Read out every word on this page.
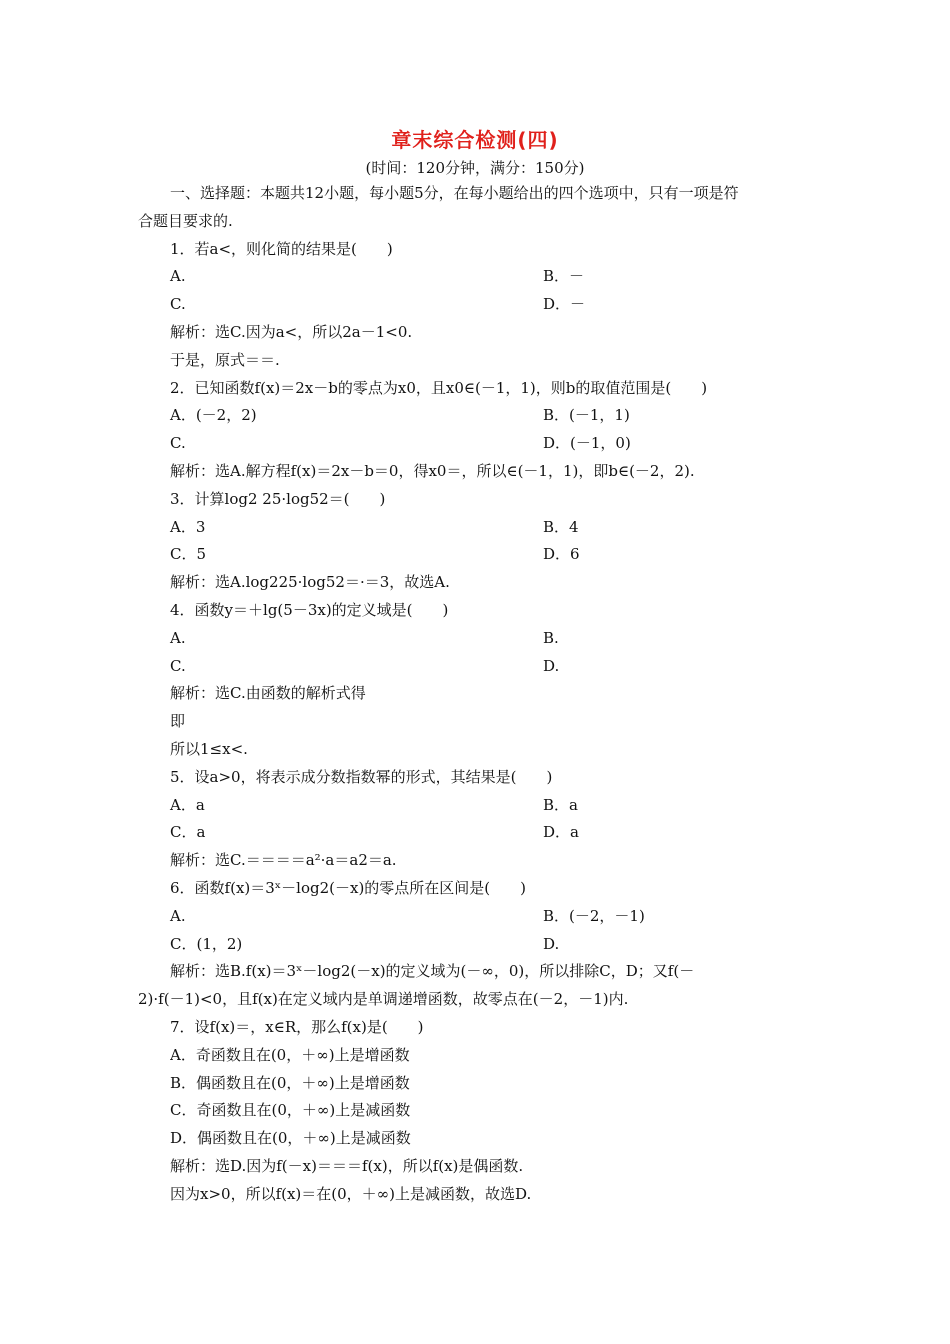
章末综合检测(四)
(时间：120分钟，满分：150分)
一、选择题：本题共12小题，每小题5分，在每小题给出的四个选项中，只有一项是符
合题目要求的.
1．若a<，则化简的结果是(　　)
A.	B．－
C.	D．－
解析：选C.因为a<，所以2a－1<0.
于是，原式＝＝.
2．已知函数f(x)＝2x－b的零点为x0，且x0∈(－1，1)，则b的取值范围是(　　)
A．(－2，2)	B．(－1，1)
C.	D．(－1，0)
解析：选A.解方程f(x)＝2x－b＝0，得x0＝，所以∈(－1，1)，即b∈(－2，2).
3．计算log2 25·log52＝(　　)
A．3	B．4
C．5	D．6
解析：选A.log225·log52＝·＝3，故选A.
4．函数y＝＋lg(5－3x)的定义域是(　　)
A.	B.
C.	D.
解析：选C.由函数的解析式得
即
所以1≤x<.
5．设a>0，将表示成分数指数幂的形式，其结果是(　　)
A．a	B．a
C．a	D．a
解析：选C.＝＝＝＝a²·a＝a2＝a.
6．函数f(x)＝3ˣ－log2(－x)的零点所在区间是(　　)
A.	B．(－2，－1)
C．(1，2)	D.
解析：选B.f(x)＝3ˣ－log2(－x)的定义域为(－∞，0)，所以排除C，D；又f(－
2)·f(－1)<0，且f(x)在定义域内是单调递增函数，故零点在(－2，－1)内.
7．设f(x)＝，x∈R，那么f(x)是(　　)
A．奇函数且在(0，＋∞)上是增函数
B．偶函数且在(0，＋∞)上是增函数
C．奇函数且在(0，＋∞)上是减函数
D．偶函数且在(0，＋∞)上是减函数
解析：选D.因为f(－x)＝＝＝f(x)，所以f(x)是偶函数.
因为x>0，所以f(x)＝在(0，＋∞)上是减函数，故选D.
